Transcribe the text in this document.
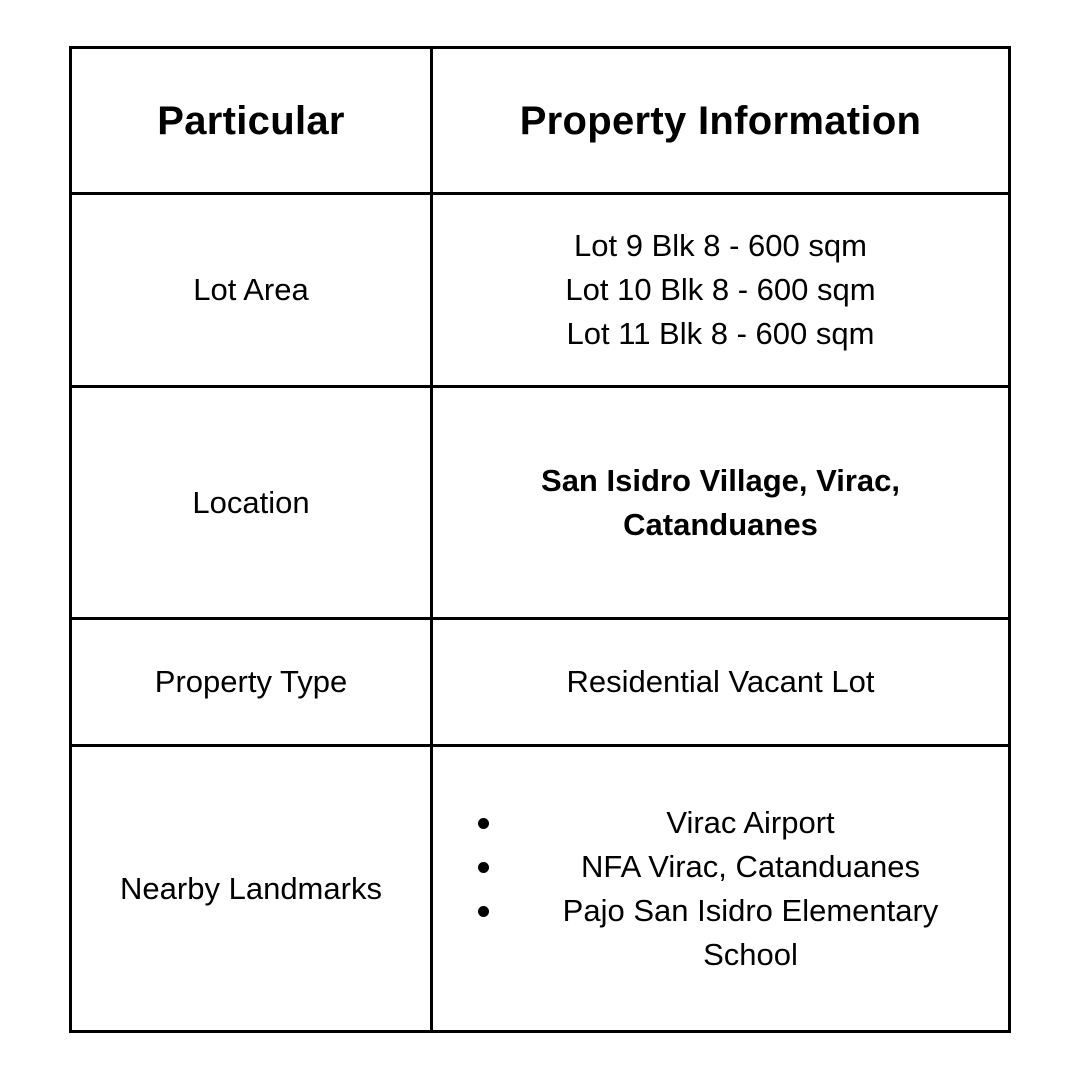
Particular	Property Information
Lot Area
Lot 9 Blk 8 - 600 sqm
Lot 10 Blk 8 - 600 sqm
Lot 11 Blk 8 - 600 sqm
Location
San Isidro Village, Virac,
Catanduanes
Property Type	Residential Vacant Lot
Nearby Landmarks
Virac Airport
NFA Virac, Catanduanes
Pajo San Isidro Elementary School
